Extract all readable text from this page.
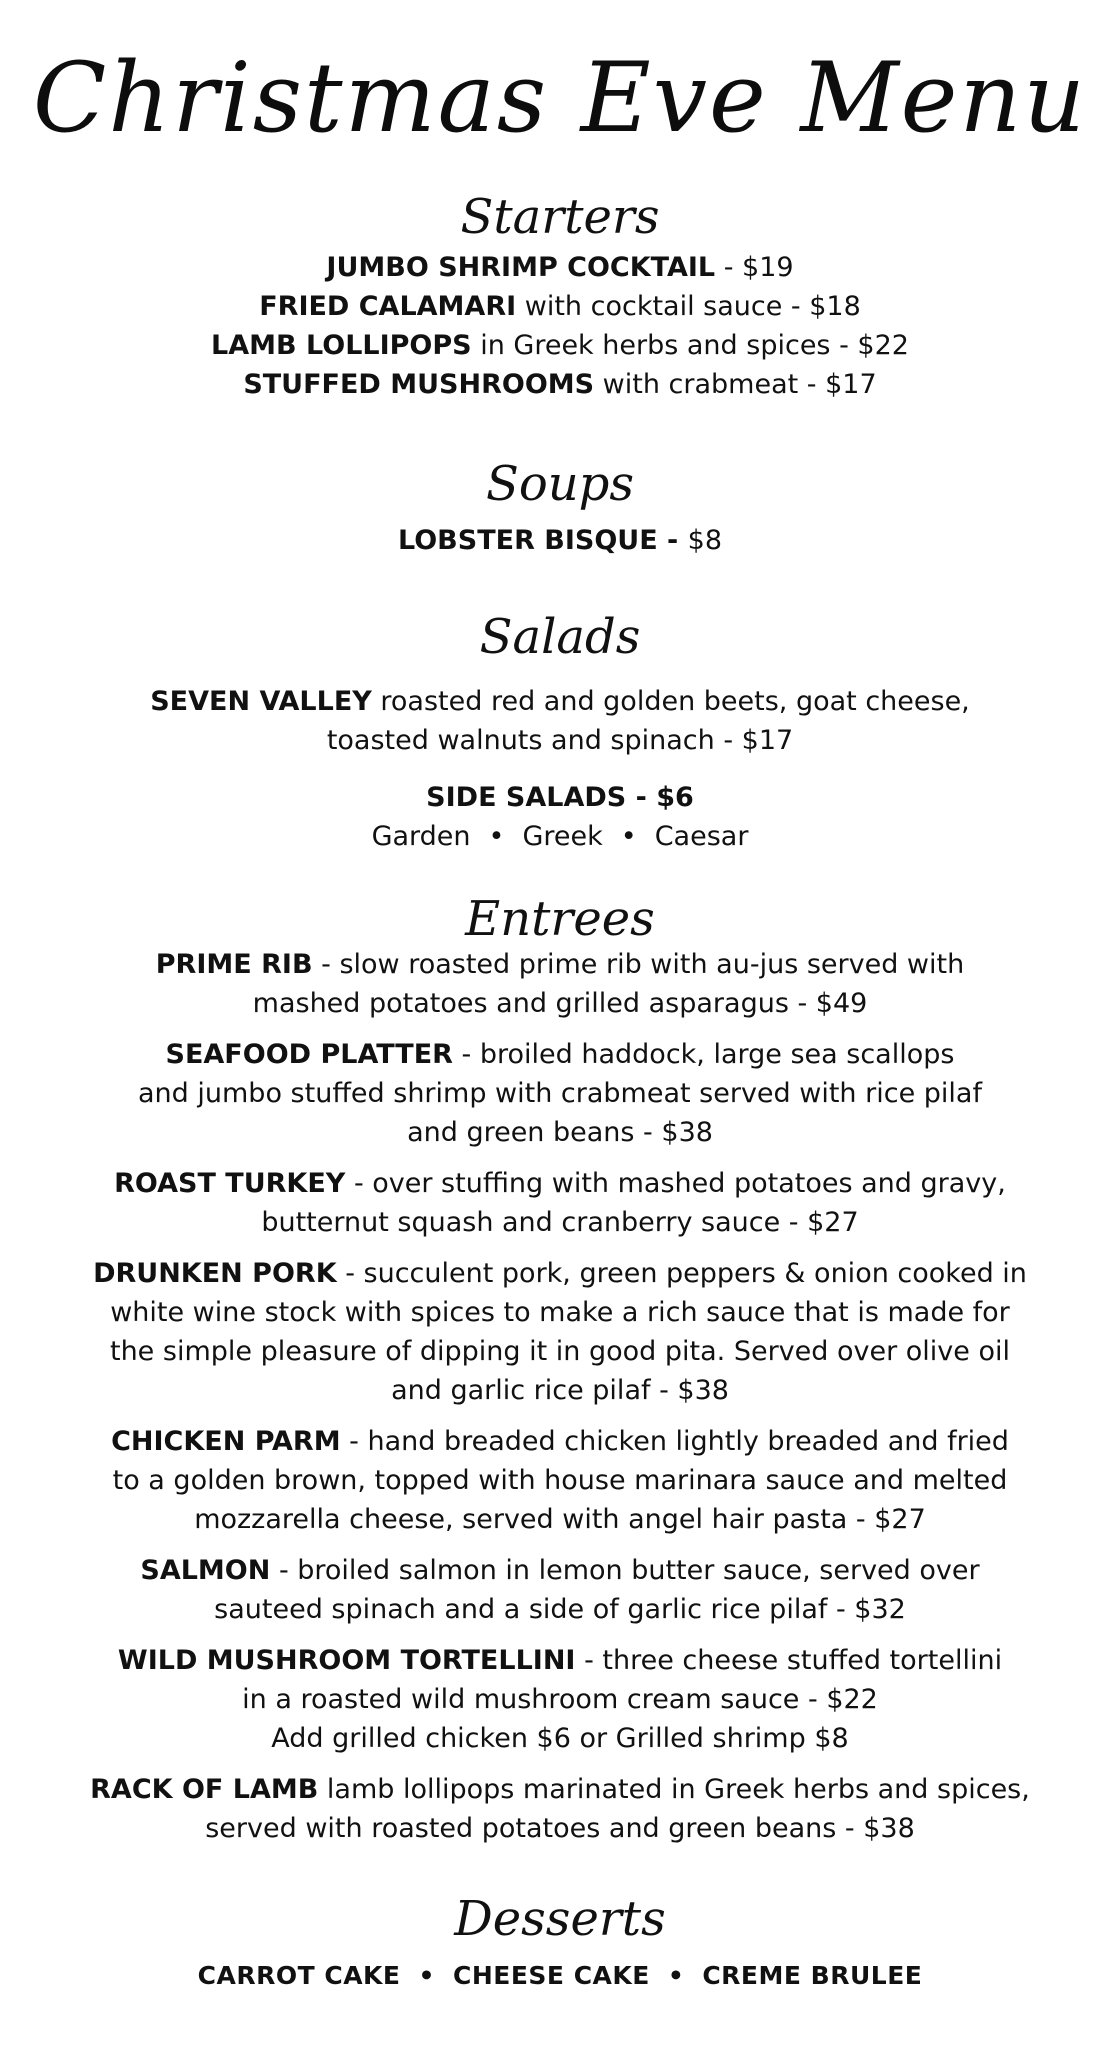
Christmas Eve Menu
Starters
JUMBO SHRIMP COCKTAIL - $19
FRIED CALAMARI with cocktail sauce - $18
LAMB LOLLIPOPS in Greek herbs and spices - $22
STUFFED MUSHROOMS with crabmeat - $17
Soups
LOBSTER BISQUE - $8
Salads
SEVEN VALLEY roasted red and golden beets, goat cheese,
toasted walnuts and spinach - $17
SIDE SALADS - $6
Garden • Greek • Caesar
Entrees
PRIME RIB - slow roasted prime rib with au-jus served with
mashed potatoes and grilled asparagus - $49
SEAFOOD PLATTER - broiled haddock, large sea scallops
and jumbo stuffed shrimp with crabmeat served with rice pilaf
and green beans - $38
ROAST TURKEY - over stuffing with mashed potatoes and gravy,
butternut squash and cranberry sauce - $27
DRUNKEN PORK - succulent pork, green peppers & onion cooked in
white wine stock with spices to make a rich sauce that is made for
the simple pleasure of dipping it in good pita. Served over olive oil
and garlic rice pilaf - $38
CHICKEN PARM - hand breaded chicken lightly breaded and fried
to a golden brown, topped with house marinara sauce and melted
mozzarella cheese, served with angel hair pasta - $27
SALMON - broiled salmon in lemon butter sauce, served over
sauteed spinach and a side of garlic rice pilaf - $32
WILD MUSHROOM TORTELLINI - three cheese stuffed tortellini
in a roasted wild mushroom cream sauce - $22
Add grilled chicken $6 or Grilled shrimp $8
RACK OF LAMB lamb lollipops marinated in Greek herbs and spices,
served with roasted potatoes and green beans - $38
Desserts
CARROT CAKE • CHEESE CAKE • CREME BRULEE
